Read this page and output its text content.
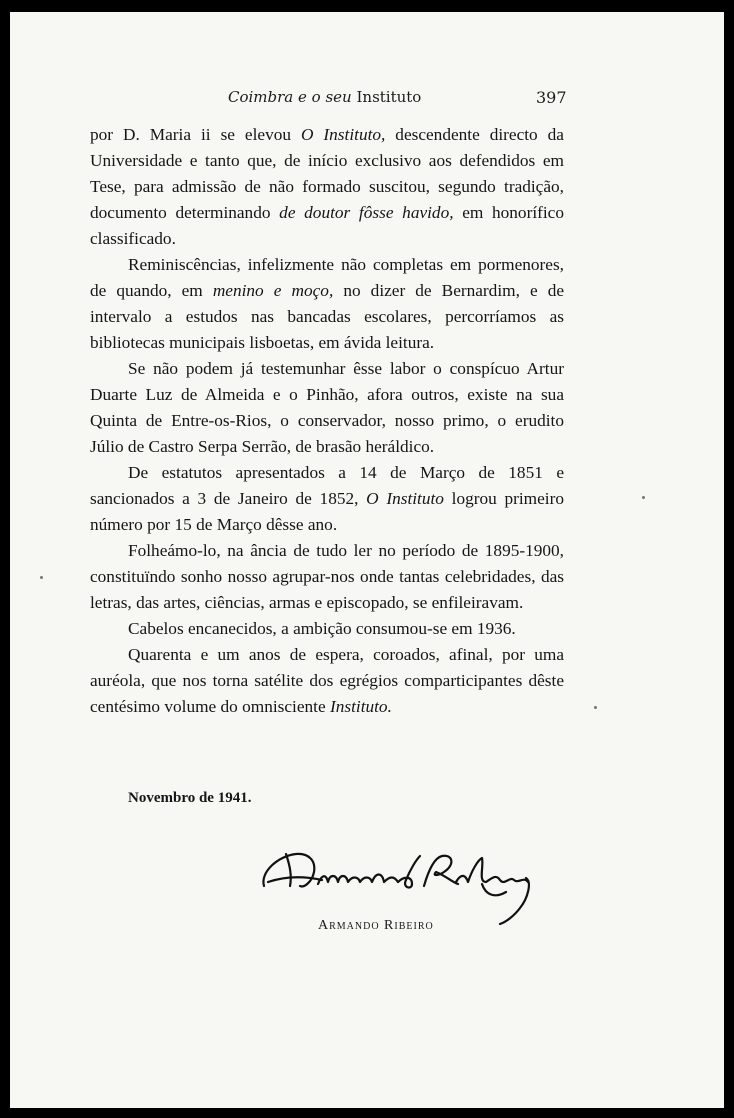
Coimbra e o seu Instituto	397

por D. Maria ii se elevou O Instituto, descendente directo da Universidade e tanto que, de início exclusivo aos defendidos em Tese, para admissão de não formado suscitou, segundo tradição, documento determinando de doutor fôsse havido, em honorífico classificado.

Reminiscências, infelizmente não completas em pormenores, de quando, em menino e moço, no dizer de Bernardim, e de intervalo a estudos nas bancadas escolares, percorríamos as bibliotecas municipais lisboetas, em ávida leitura.

Se não podem já testemunhar êsse labor o conspícuo Artur Duarte Luz de Almeida e o Pinhão, afora outros, existe na sua Quinta de Entre-os-Rios, o conservador, nosso primo, o erudito Júlio de Castro Serpa Serrão, de brasão heráldico.

De estatutos apresentados a 14 de Março de 1851 e sancionados a 3 de Janeiro de 1852, O Instituto logrou primeiro número por 15 de Março dêsse ano.

Folheámo-lo, na ância de tudo ler no período de 1895-1900, constituïndo sonho nosso agrupar-nos onde tantas celebridades, das letras, das artes, ciências, armas e episcopado, se enfileiravam.

Cabelos encanecidos, a ambição consumou-se em 1936.

Quarenta e um anos de espera, coroados, afinal, por uma auréola, que nos torna satélite dos egrégios comparticipantes dêste centésimo volume do omnisciente Instituto.

Novembro de 1941.
Armando Ribeiro
